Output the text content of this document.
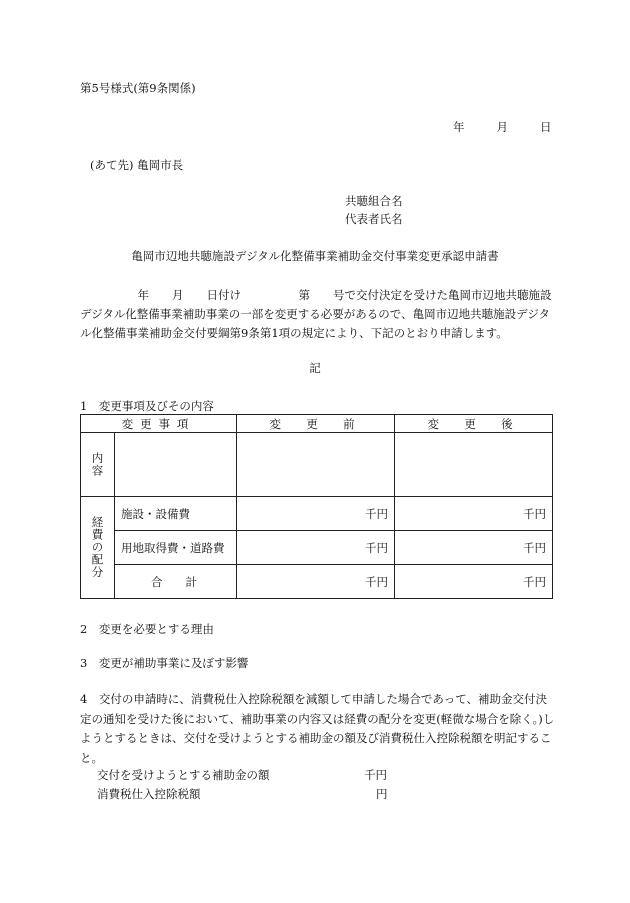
第5号様式(第9条関係)
年	月	日
(あて先) 亀岡市長
共聴組合名
代表者氏名
亀岡市辺地共聴施設デジタル化整備事業補助金交付事業変更承認申請書
　　　　　年　　月　　日付け　　　　　第　　号で交付決定を受けた亀岡市辺地共聴施設デジタル化整備事業補助事業の一部を変更する必要があるので、亀岡市辺地共聴施設デジタル化整備事業補助金交付要綱第9条第1項の規定により、下記のとおり申請します。
記
1　変更事項及びその内容
変更事項		変　更　前	変　更　後
内容			
経費の配分	施設・設備費	千円	千円
	用地取得費・道路費	千円	千円
	合　　計	千円	千円
2　変更を必要とする理由
3　変更が補助事業に及ぼす影響
4　交付の申請時に、消費税仕入控除税額を減額して申請した場合であって、補助金交付決定の通知を受けた後において、補助事業の内容又は経費の配分を変更(軽微な場合を除く。)しようとするときは、交付を受けようとする補助金の額及び消費税仕入控除税額を明記すること。
交付を受けようとする補助金の額	千円
消費税仕入控除税額	円
